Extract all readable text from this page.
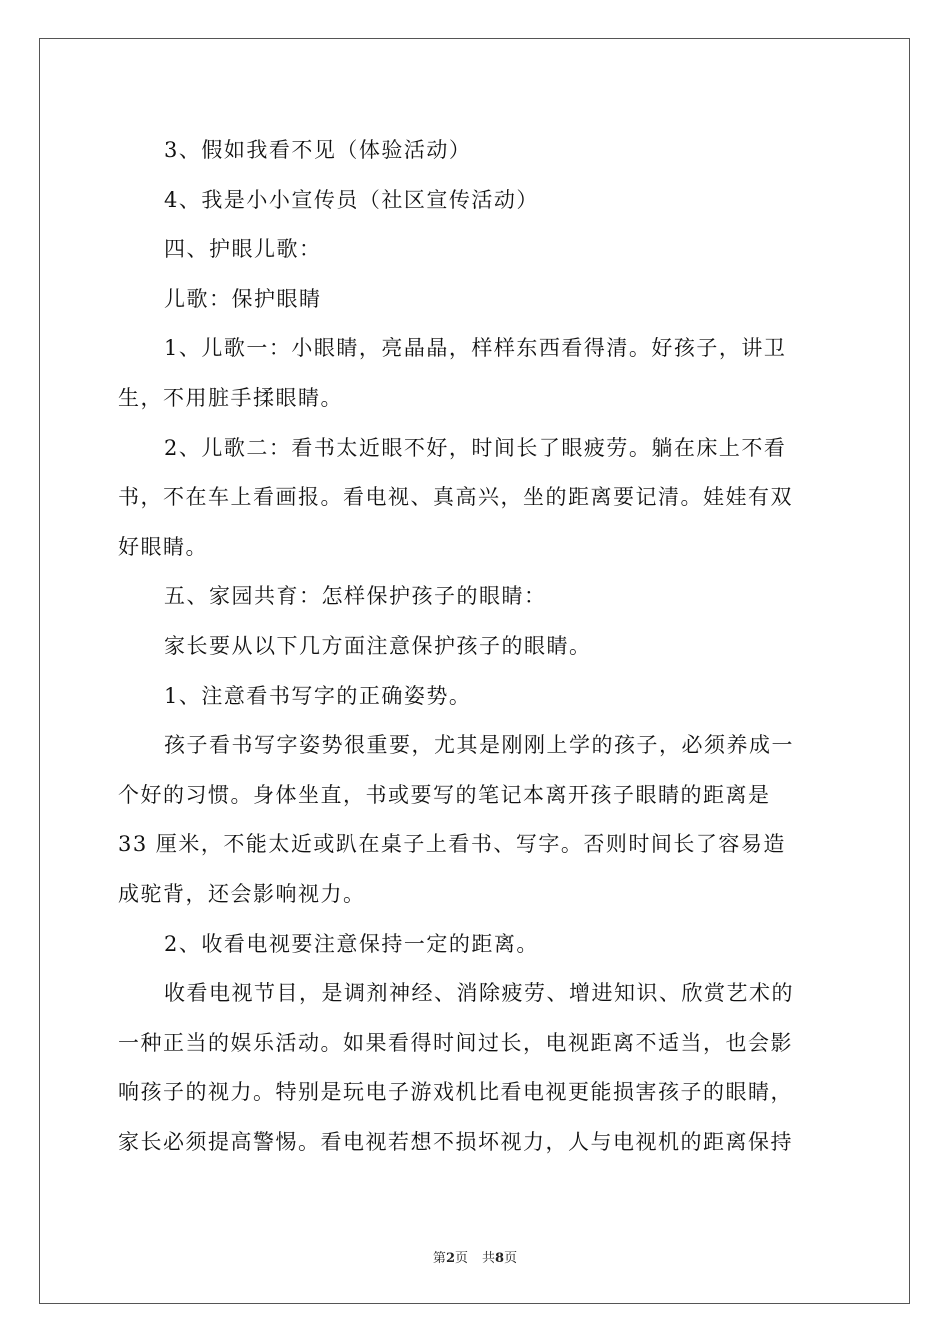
3、假如我看不见（体验活动）

4、我是小小宣传员（社区宣传活动）

四、护眼儿歌：

儿歌：保护眼睛

1、儿歌一：小眼睛，亮晶晶，样样东西看得清。好孩子，讲卫
生，不用脏手揉眼睛。

2、儿歌二：看书太近眼不好，时间长了眼疲劳。躺在床上不看
书，不在车上看画报。看电视、真高兴，坐的距离要记清。娃娃有双
好眼睛。

五、家园共育：怎样保护孩子的眼睛：

家长要从以下几方面注意保护孩子的眼睛。

1、注意看书写字的正确姿势。

孩子看书写字姿势很重要，尤其是刚刚上学的孩子，必须养成一
个好的习惯。身体坐直，书或要写的笔记本离开孩子眼睛的距离是
33 厘米，不能太近或趴在桌子上看书、写字。否则时间长了容易造
成驼背，还会影响视力。

2、收看电视要注意保持一定的距离。

收看电视节目，是调剂神经、消除疲劳、增进知识、欣赏艺术的
一种正当的娱乐活动。如果看得时间过长，电视距离不适当，也会影
响孩子的视力。特别是玩电子游戏机比看电视更能损害孩子的眼睛，
家长必须提高警惕。看电视若想不损坏视力，人与电视机的距离保持

第2页 共8页
